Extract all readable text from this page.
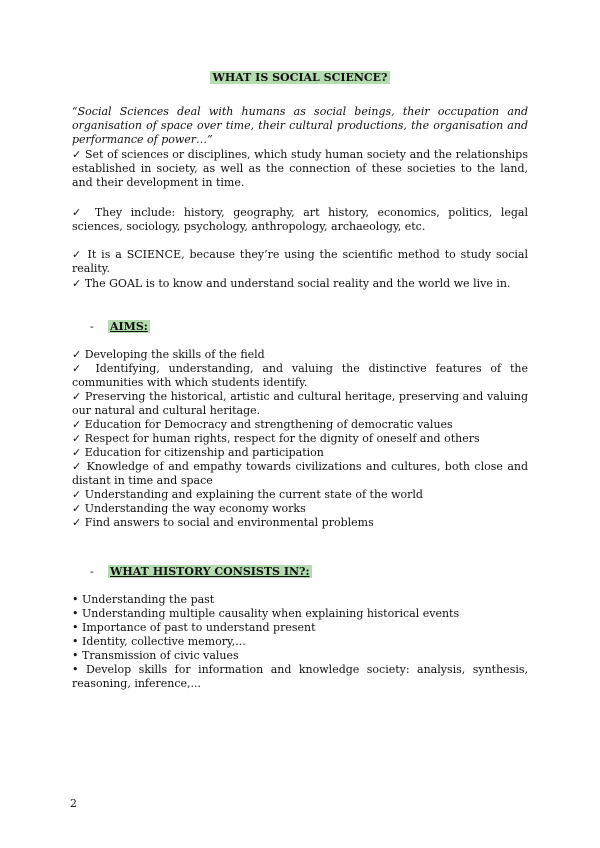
WHAT IS SOCIAL SCIENCE?
“Social Sciences deal with humans as social beings, their occupation and organisation of space over time, their cultural productions, the organisation and performance of power…”
✓ Set of sciences or disciplines, which study human society and the relationships established in society, as well as the connection of these societies to the land, and their development in time.
✓ They include: history, geography, art history, economics, politics, legal sciences, sociology, psychology, anthropology, archaeology, etc.
✓ It is a SCIENCE, because they’re using the scientific method to study social reality.
✓ The GOAL is to know and understand social reality and the world we live in.
- AIMS:
✓ Developing the skills of the field
✓ Identifying, understanding, and valuing the distinctive features of the communities with which students identify.
✓ Preserving the historical, artistic and cultural heritage, preserving and valuing our natural and cultural heritage.
✓ Education for Democracy and strengthening of democratic values
✓ Respect for human rights, respect for the dignity of oneself and others
✓ Education for citizenship and participation
✓ Knowledge of and empathy towards civilizations and cultures, both close and distant in time and space
✓ Understanding and explaining the current state of the world
✓ Understanding the way economy works
✓ Find answers to social and environmental problems
- WHAT HISTORY CONSISTS IN?:
• Understanding the past
• Understanding multiple causality when explaining historical events
• Importance of past to understand present
• Identity, collective memory,...
• Transmission of civic values
• Develop skills for information and knowledge society: analysis, synthesis, reasoning, inference,...
2
